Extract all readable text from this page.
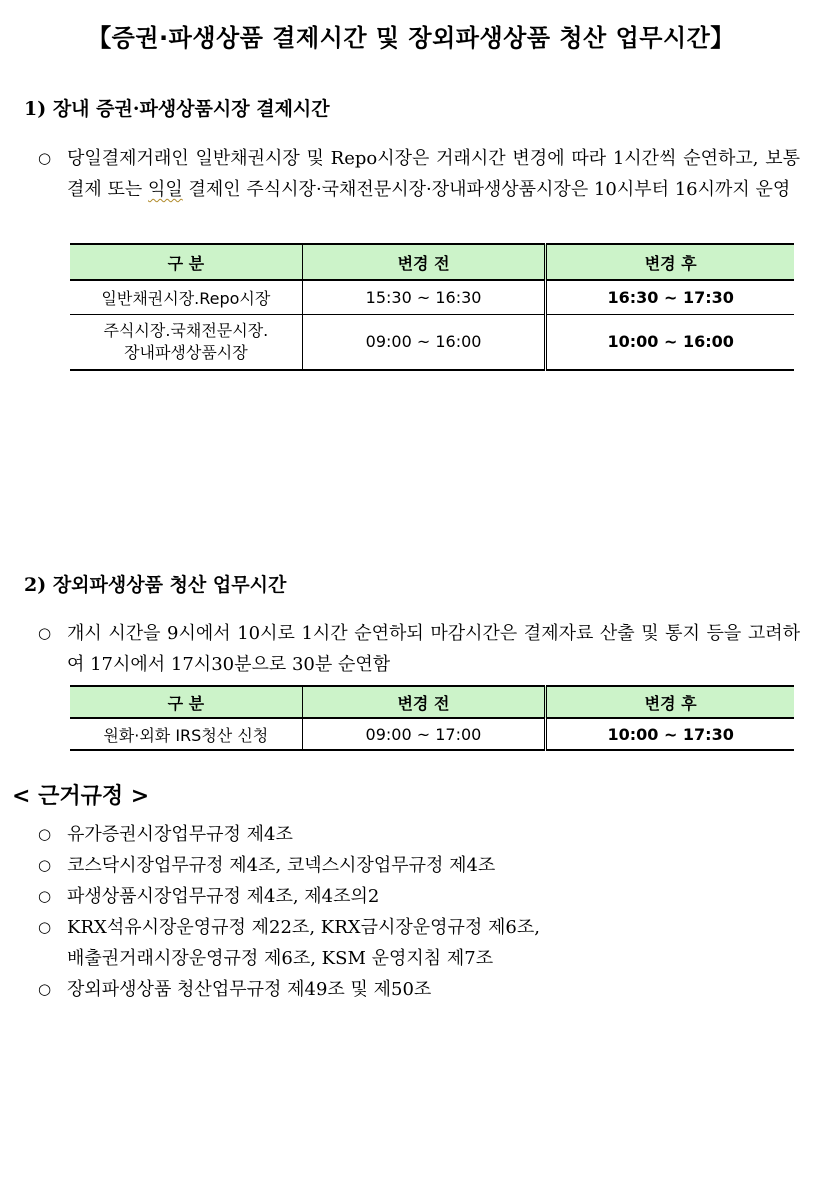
【증권·파생상품 결제시간 및 장외파생상품 청산 업무시간】
1) 장내 증권·파생상품시장 결제시간
○ 당일결제거래인 일반채권시장 및 Repo시장은 거래시간 변경에 따라 1시간씩 순연하고, 보통결제 또는 익일 결제인 주식시장·국채전문시장·장내파생상품시장은 10시부터 16시까지 운영
구 분	변경 전	변경 후
일반채권시장.Repo시장	15:30 ~ 16:30	16:30 ~ 17:30

주식시장.국채전문시장.
장내파생상품시장	09:00 ~ 16:00	10:00 ~ 16:00
2) 장외파생상품 청산 업무시간
○ 개시 시간을 9시에서 10시로 1시간 순연하되 마감시간은 결제자료 산출 및 통지 등을 고려하여 17시에서 17시30분으로 30분 순연함
구 분	변경 전	변경 후
원화·외화 IRS청산 신청	09:00 ~ 17:00	10:00 ~ 17:30
< 근거규정 >
○ 유가증권시장업무규정 제4조
○ 코스닥시장업무규정 제4조, 코넥스시장업무규정 제4조
○ 파생상품시장업무규정 제4조, 제4조의2
○ KRX석유시장운영규정 제22조, KRX금시장운영규정 제6조,
배출권거래시장운영규정 제6조, KSM 운영지침 제7조
○ 장외파생상품 청산업무규정 제49조 및 제50조
